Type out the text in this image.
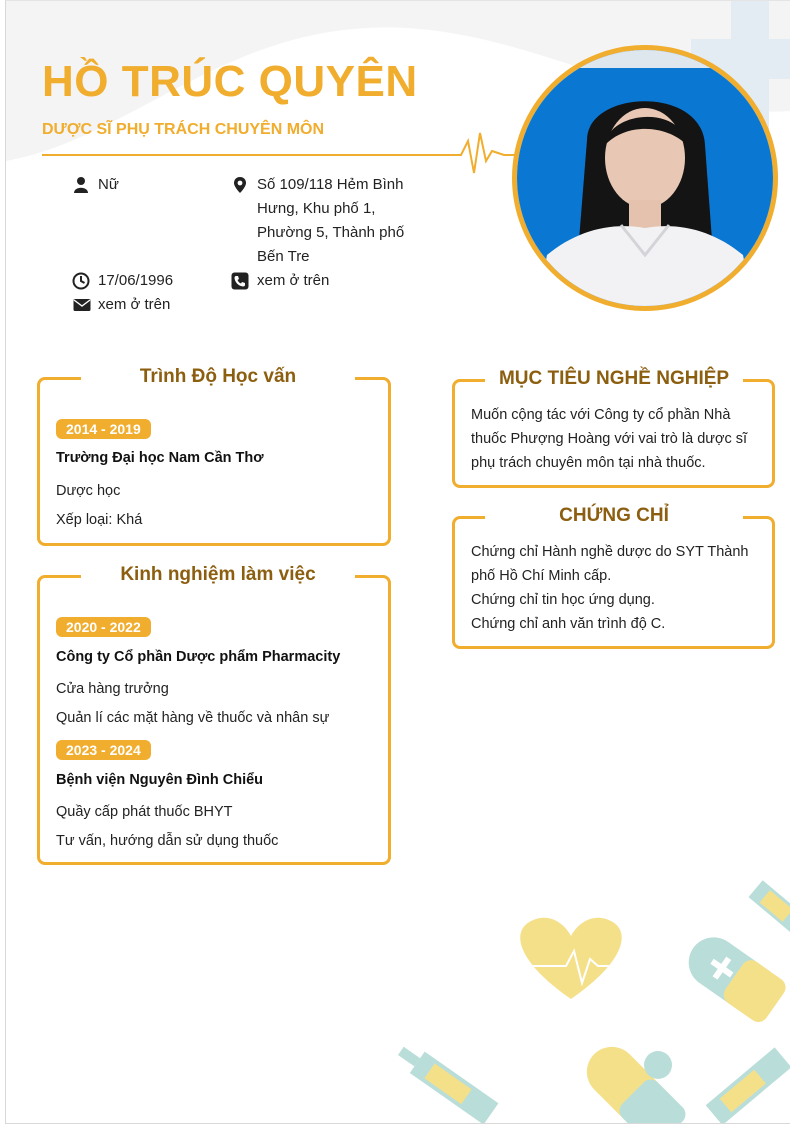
HỒ TRÚC QUYÊN
DƯỢC SĨ PHỤ TRÁCH CHUYÊN MÔN
Nữ	Số 109/118 Hẻm Bình Hưng, Khu phố 1, Phường 5, Thành phố Bến Tre
17/06/1996	xem ở trên
xem ở trên
Trình Độ Học vấn
2014 - 2019
Trường Đại học Nam Cần Thơ
Dược học
Xếp loại: Khá
Kinh nghiệm làm việc
2020 - 2022
Công ty Cổ phần Dược phẩm Pharmacity
Cửa hàng trưởng
Quản lí các mặt hàng về thuốc và nhân sự
2023 - 2024
Bệnh viện Nguyên Đình Chiểu
Quầy cấp phát thuốc BHYT
Tư vấn, hướng dẫn sử dụng thuốc
MỤC TIÊU NGHỀ NGHIỆP
Muốn cộng tác với Công ty cổ phần Nhà thuốc Phượng Hoàng với vai trò là dược sĩ phụ trách chuyên môn tại nhà thuốc.
CHỨNG CHỈ
Chứng chỉ Hành nghề dược do SYT Thành phố Hồ Chí Minh cấp.
Chứng chỉ tin học ứng dụng.
Chứng chỉ anh văn trình độ C.
